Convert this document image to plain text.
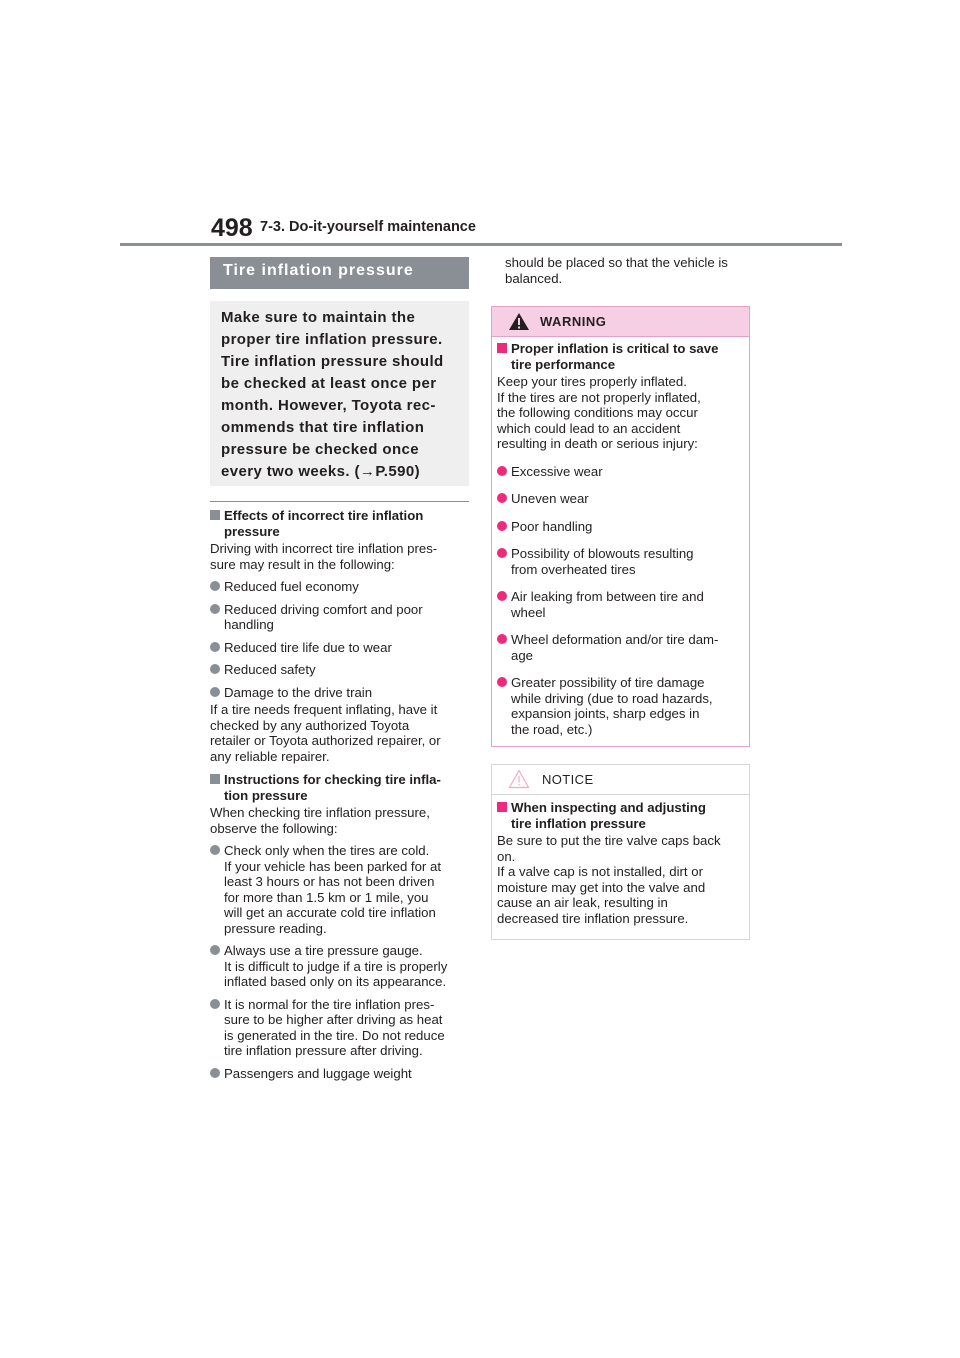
498 7-3. Do-it-yourself maintenance
Tire inflation pressure
Make sure to maintain the
proper tire inflation pressure.
Tire inflation pressure should
be checked at least once per
month. However, Toyota rec-
ommends that tire inflation
pressure be checked once
every two weeks. (→P.590)
Effects of incorrect tire inflation
pressure
Driving with incorrect tire inflation pres-
sure may result in the following:
Reduced fuel economy
Reduced driving comfort and poor
handling
Reduced tire life due to wear
Reduced safety
Damage to the drive train
If a tire needs frequent inflating, have it
checked by any authorized Toyota
retailer or Toyota authorized repairer, or
any reliable repairer.
Instructions for checking tire infla-
tion pressure
When checking tire inflation pressure,
observe the following:
Check only when the tires are cold.
If your vehicle has been parked for at
least 3 hours or has not been driven
for more than 1.5 km or 1 mile, you
will get an accurate cold tire inflation
pressure reading.
Always use a tire pressure gauge.
It is difficult to judge if a tire is properly
inflated based only on its appearance.
It is normal for the tire inflation pres-
sure to be higher after driving as heat
is generated in the tire. Do not reduce
tire inflation pressure after driving.
Passengers and luggage weight
should be placed so that the vehicle is
balanced.
WARNING
Proper inflation is critical to save
tire performance
Keep your tires properly inflated.
If the tires are not properly inflated,
the following conditions may occur
which could lead to an accident
resulting in death or serious injury:
Excessive wear
Uneven wear
Poor handling
Possibility of blowouts resulting
from overheated tires
Air leaking from between tire and
wheel
Wheel deformation and/or tire dam-
age
Greater possibility of tire damage
while driving (due to road hazards,
expansion joints, sharp edges in
the road, etc.)
NOTICE
When inspecting and adjusting
tire inflation pressure
Be sure to put the tire valve caps back
on.
If a valve cap is not installed, dirt or
moisture may get into the valve and
cause an air leak, resulting in
decreased tire inflation pressure.
